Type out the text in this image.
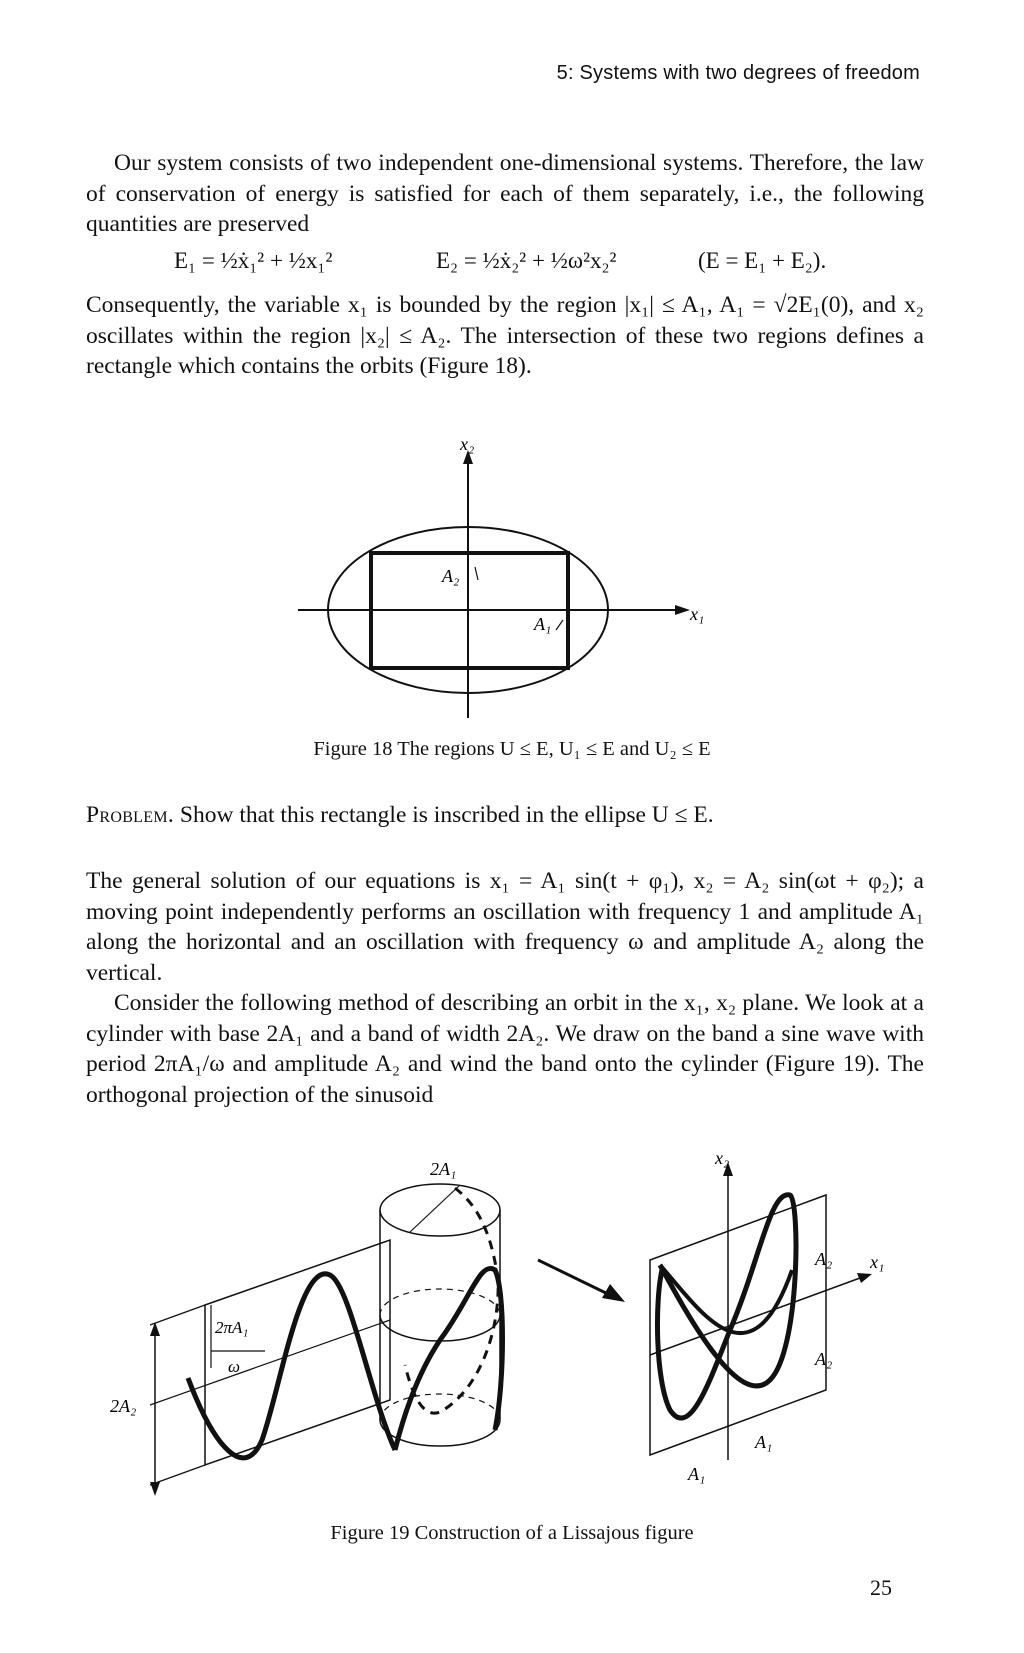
5: Systems with two degrees of freedom

Our system consists of two independent one-dimensional systems. Therefore, the law of conservation of energy is satisfied for each of them separately, i.e., the following quantities are preserved

E₁ = ½ẋ₁² + ½x₁²	E₂ = ½ẋ₂² + ½ω²x₂²	(E = E₁ + E₂).

Consequently, the variable x₁ is bounded by the region |x₁| ≤ A₁, A₁ = √2E₁(0), and x₂ oscillates within the region |x₂| ≤ A₂. The intersection of these two regions defines a rectangle which contains the orbits (Figure 18).

x₂
x₁
A₂
A₁
Figure 18 The regions U ≤ E, U₁ ≤ E and U₂ ≤ E

Problem. Show that this rectangle is inscribed in the ellipse U ≤ E.

The general solution of our equations is x₁ = A₁ sin(t + φ₁), x₂ = A₂ sin(ωt + φ₂); a moving point independently performs an oscillation with frequency 1 and amplitude A₁ along the horizontal and an oscillation with frequency ω and amplitude A₂ along the vertical.

Consider the following method of describing an orbit in the x₁, x₂ plane. We look at a cylinder with base 2A₁ and a band of width 2A₂. We draw on the band a sine wave with period 2πA₁/ω and amplitude A₂ and wind the band onto the cylinder (Figure 19). The orthogonal projection of the sinusoid

2A₂
2πA₁
ω
2A₁
x₂
x₁
A₂
A₂
A₁
A₁
Figure 19 Construction of a Lissajous figure
25
